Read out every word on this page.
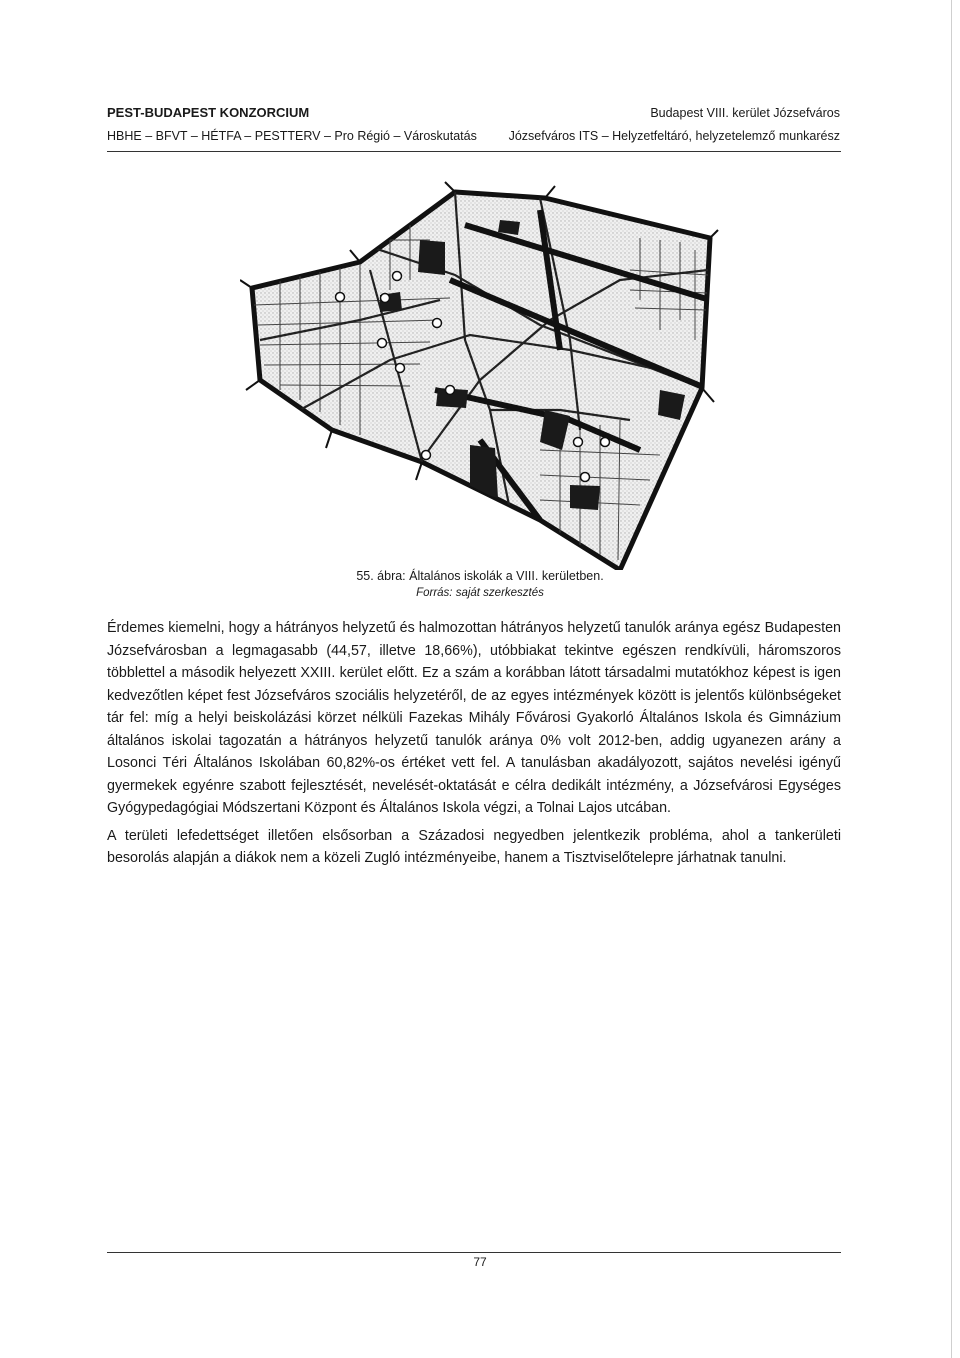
PEST-BUDAPEST KONZORCIUM
HBHE – BFVT – HÉTFA – PESTTERV – Pro Régió – Városkutatás
Budapest VIII. kerület Józsefváros
Józsefváros ITS – Helyzetfeltáró, helyzetelemző munkarész
55. ábra: Általános iskolák a VIII. kerületben.
Forrás: saját szerkesztés

Érdemes kiemelni, hogy a hátrányos helyzetű és halmozottan hátrányos helyzetű tanulók aránya egész Budapesten Józsefvárosban a legmagasabb (44,57, illetve 18,66%), utóbbiakat tekintve egészen rendkívüli, háromszoros többlettel a második helyezett XXIII. kerület előtt. Ez a szám a korábban látott társadalmi mutatókhoz képest is igen kedvezőtlen képet fest Józsefváros szociális helyzetéről, de az egyes intézmények között is jelentős különbségeket tár fel: míg a helyi beiskolázási körzet nélküli Fazekas Mihály Fővárosi Gyakorló Általános Iskola és Gimnázium általános iskolai tagozatán a hátrányos helyzetű tanulók aránya 0% volt 2012-ben, addig ugyanezen arány a Losonci Téri Általános Iskolában 60,82%-os értéket vett fel. A tanulásban akadályozott, sajátos nevelési igényű gyermekek egyénre szabott fejlesztését, nevelését-oktatását e célra dedikált intézmény, a Józsefvárosi Egységes Gyógypedagógiai Módszertani Központ és Általános Iskola végzi, a Tolnai Lajos utcában.

A területi lefedettséget illetően elsősorban a Századosi negyedben jelentkezik probléma, ahol a tankerületi besorolás alapján a diákok nem a közeli Zugló intézményeibe, hanem a Tisztviselőtelepre járhatnak tanulni.

77
